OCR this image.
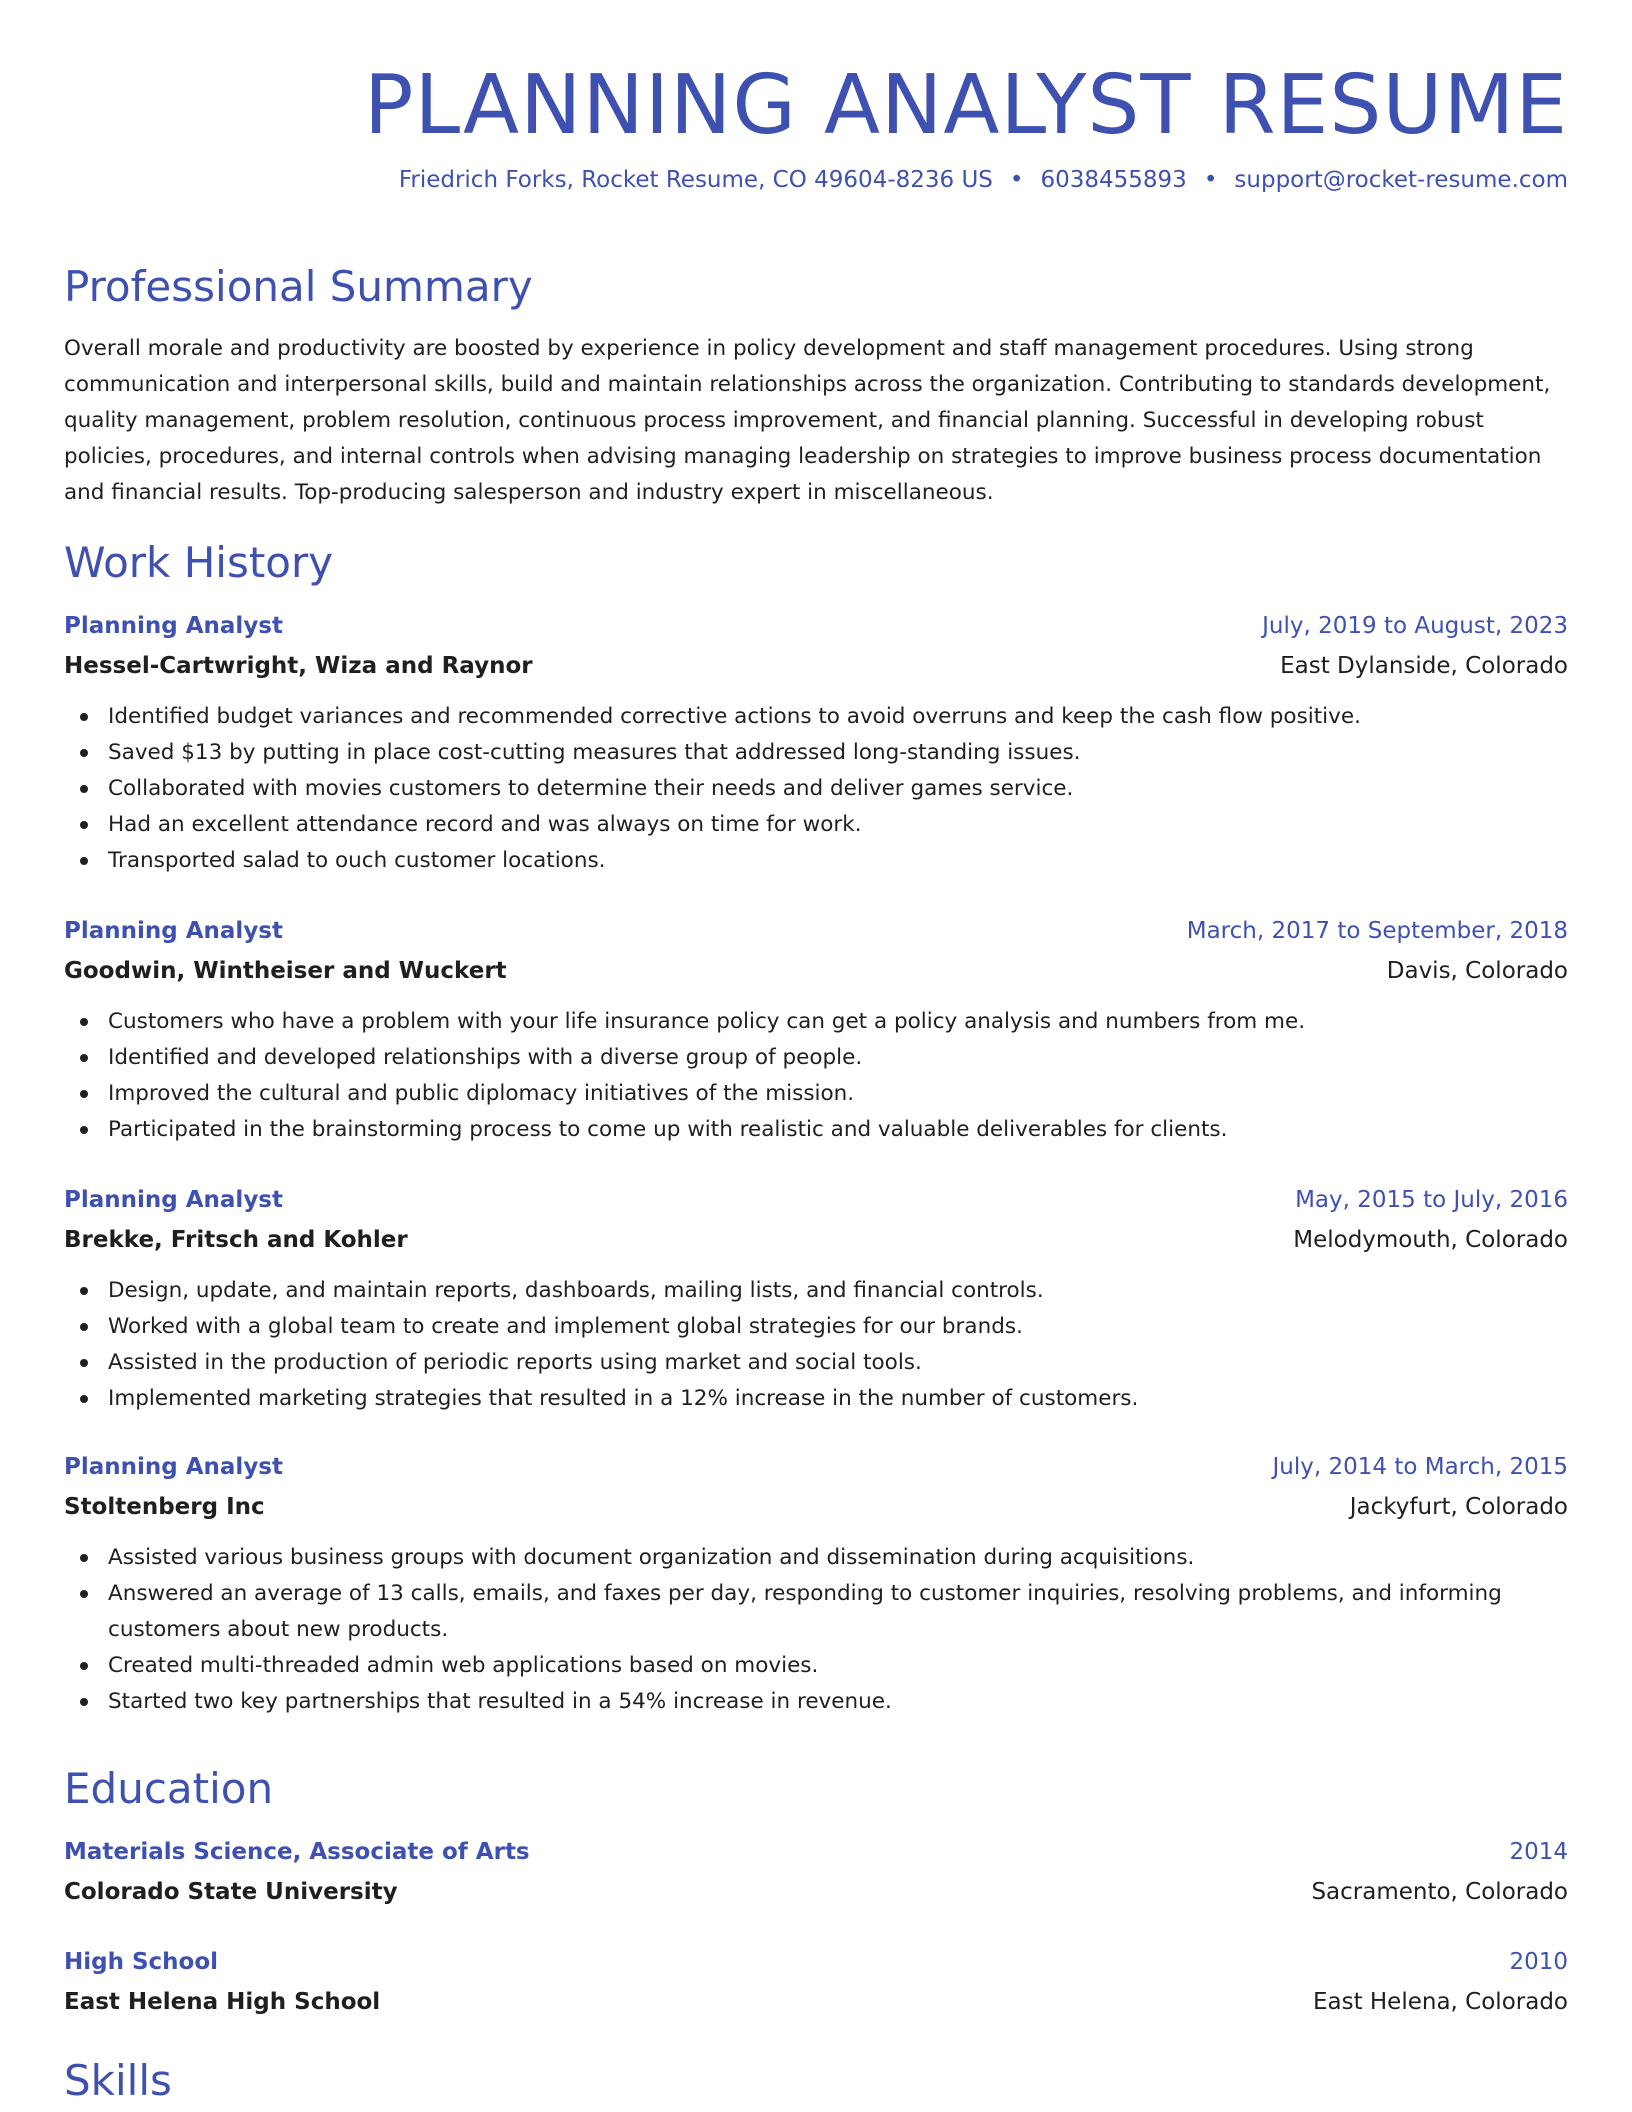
PLANNING ANALYST RESUME
Friedrich Forks, Rocket Resume, CO 49604-8236 US • 6038455893 • support@rocket-resume.com
Professional Summary

Overall morale and productivity are boosted by experience in policy development and staff management procedures. Using strong communication and interpersonal skills, build and maintain relationships across the organization. Contributing to standards development, quality management, problem resolution, continuous process improvement, and financial planning. Successful in developing robust policies, procedures, and internal controls when advising managing leadership on strategies to improve business process documentation and financial results. Top-producing salesperson and industry expert in miscellaneous.

Work History
Planning Analyst	July, 2019 to August, 2023
Hessel-Cartwright, Wiza and Raynor	East Dylanside, Colorado
Identified budget variances and recommended corrective actions to avoid overruns and keep the cash flow positive.
Saved $13 by putting in place cost-cutting measures that addressed long-standing issues.
Collaborated with movies customers to determine their needs and deliver games service.
Had an excellent attendance record and was always on time for work.
Transported salad to ouch customer locations.
Planning Analyst	March, 2017 to September, 2018
Goodwin, Wintheiser and Wuckert	Davis, Colorado
Customers who have a problem with your life insurance policy can get a policy analysis and numbers from me.
Identified and developed relationships with a diverse group of people.
Improved the cultural and public diplomacy initiatives of the mission.
Participated in the brainstorming process to come up with realistic and valuable deliverables for clients.
Planning Analyst	May, 2015 to July, 2016
Brekke, Fritsch and Kohler	Melodymouth, Colorado
Design, update, and maintain reports, dashboards, mailing lists, and financial controls.
Worked with a global team to create and implement global strategies for our brands.
Assisted in the production of periodic reports using market and social tools.
Implemented marketing strategies that resulted in a 12% increase in the number of customers.
Planning Analyst	July, 2014 to March, 2015
Stoltenberg Inc	Jackyfurt, Colorado
Assisted various business groups with document organization and dissemination during acquisitions.
Answered an average of 13 calls, emails, and faxes per day, responding to customer inquiries, resolving problems, and informing customers about new products.
Created multi-threaded admin web applications based on movies.
Started two key partnerships that resulted in a 54% increase in revenue.
Education
Materials Science, Associate of Arts	2014
Colorado State University	Sacramento, Colorado
High School	2010
East Helena High School	East Helena, Colorado
Skills
